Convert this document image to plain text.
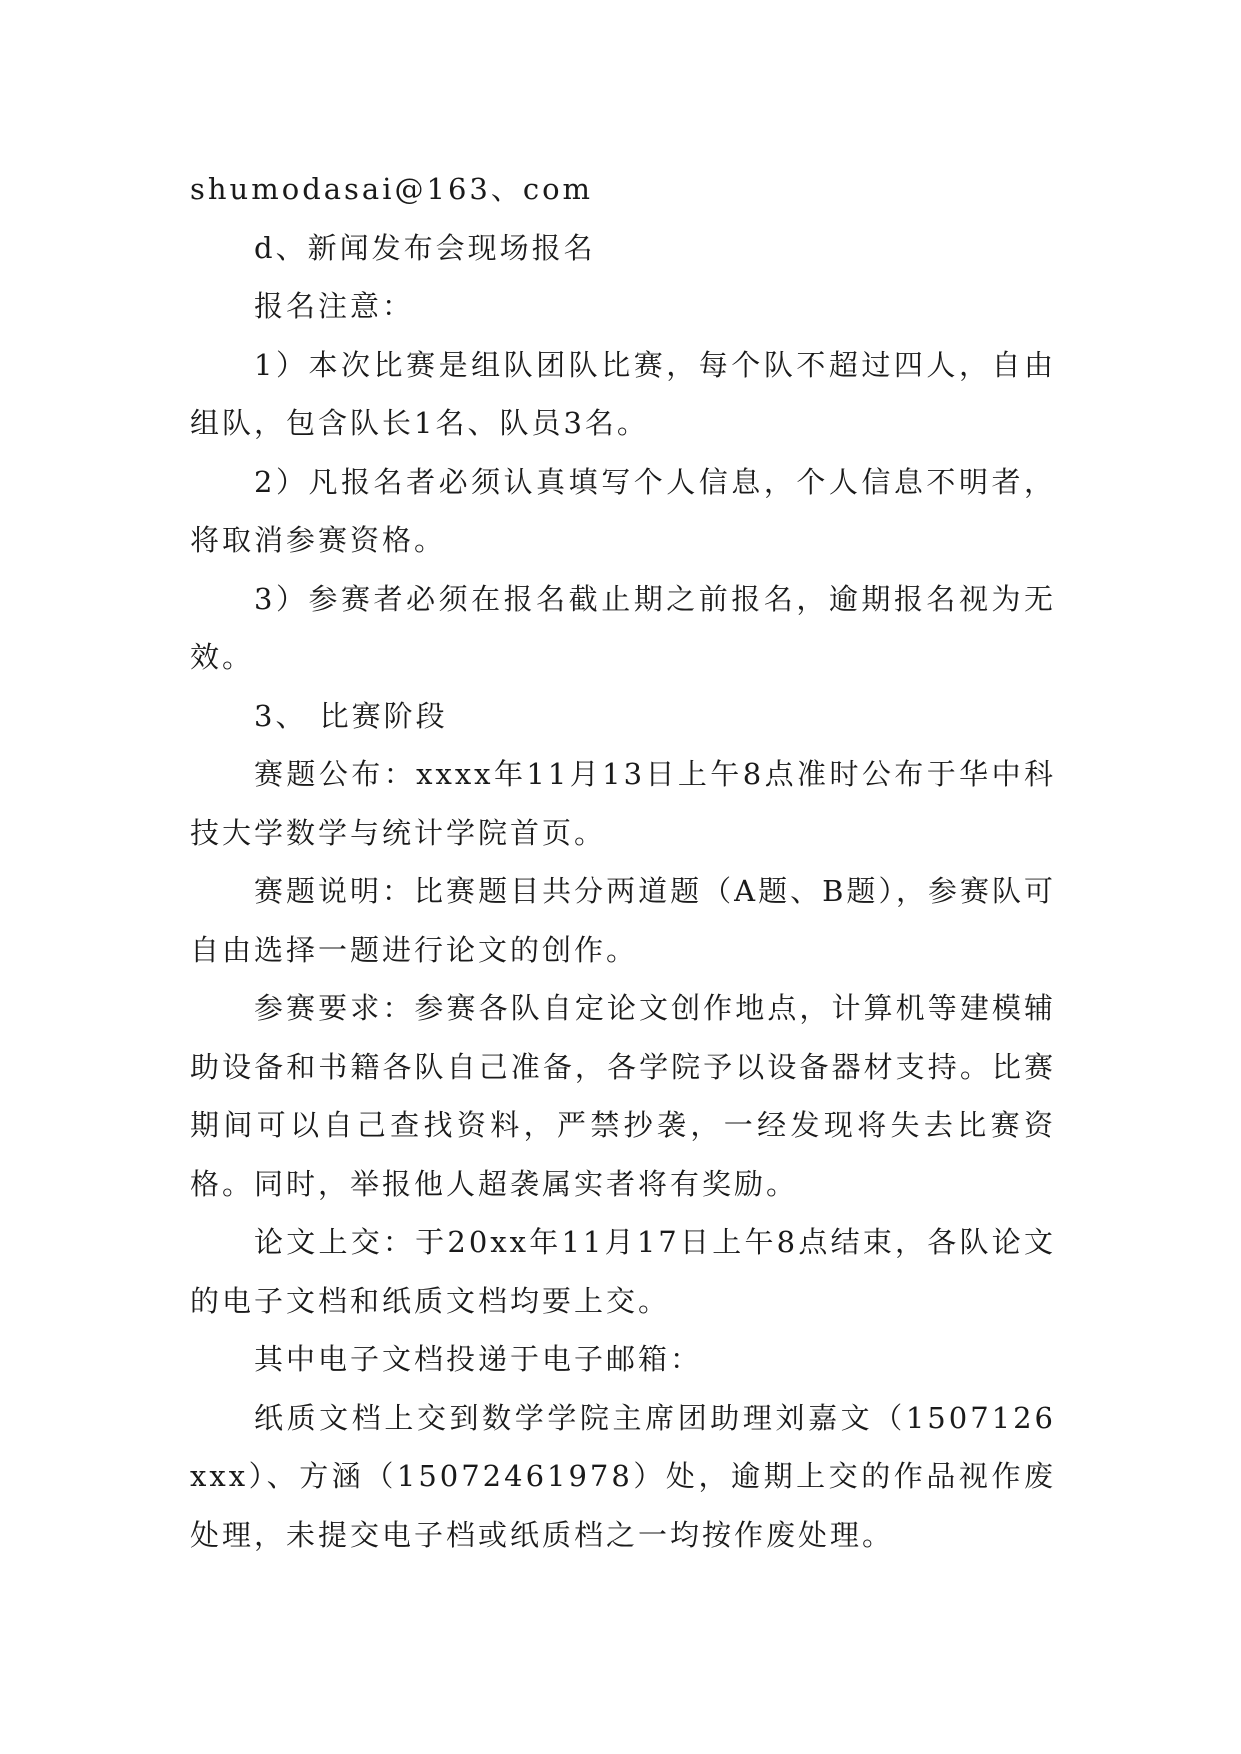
shumodasai@163、com

d、新闻发布会现场报名

报名注意：

1）本次比赛是组队团队比赛，每个队不超过四人，自由组队，包含队长1名、队员3名。

2）凡报名者必须认真填写个人信息，个人信息不明者，将取消参赛资格。

3）参赛者必须在报名截止期之前报名，逾期报名视为无效。

3、 比赛阶段

赛题公布：xxxx年11月13日上午8点准时公布于华中科技大学数学与统计学院首页。

赛题说明：比赛题目共分两道题（A题、B题），参赛队可自由选择一题进行论文的创作。

参赛要求：参赛各队自定论文创作地点，计算机等建模辅助设备和书籍各队自己准备，各学院予以设备器材支持。比赛期间可以自己查找资料，严禁抄袭，一经发现将失去比赛资格。同时，举报他人超袭属实者将有奖励。

论文上交：于20xx年11月17日上午8点结束，各队论文的电子文档和纸质文档均要上交。

其中电子文档投递于电子邮箱：

纸质文档上交到数学学院主席团助理刘嘉文（1507126xxx）、方涵（15072461978）处，逾期上交的作品视作废处理，未提交电子档或纸质档之一均按作废处理。
